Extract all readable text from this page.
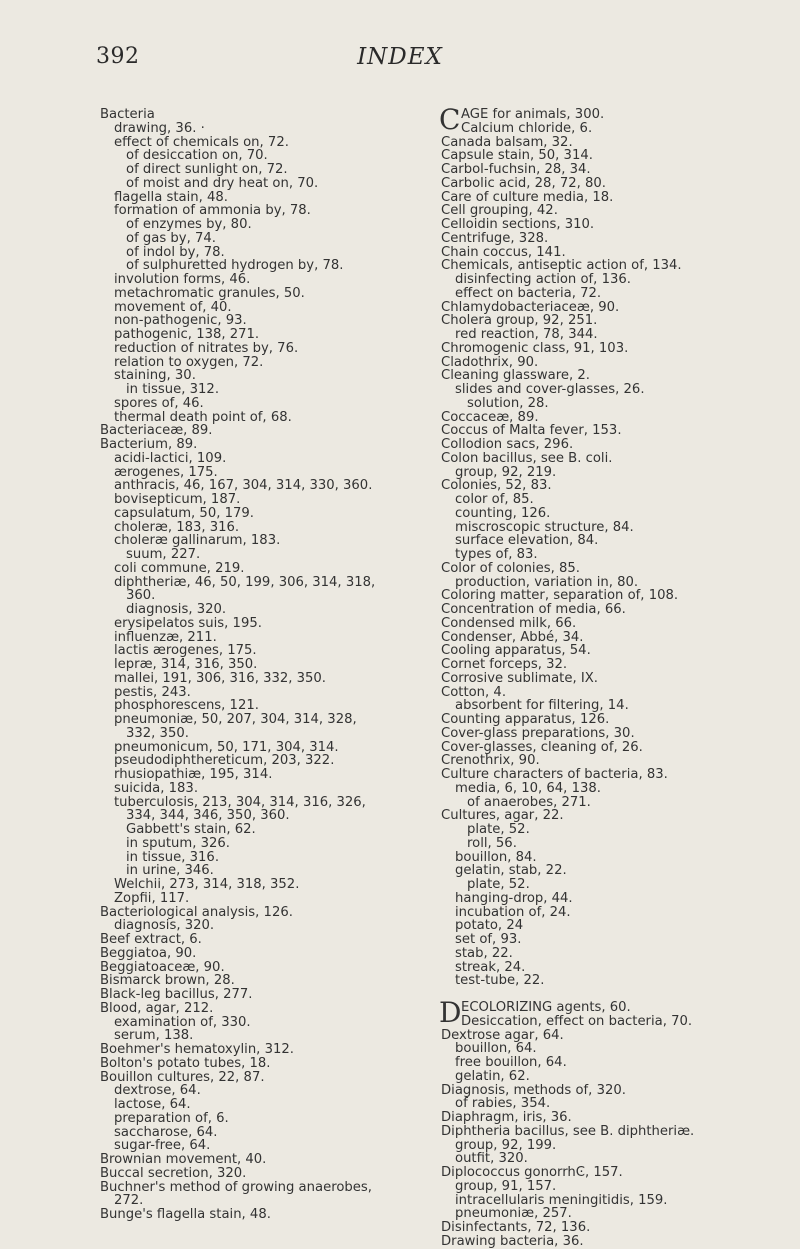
392	INDEX
Bacteria
drawing, 36. ·
effect of chemicals on, 72.
of desiccation on, 70.
of direct sunlight on, 72.
of moist and dry heat on, 70.
flagella stain, 48.
formation of ammonia by, 78.
of enzymes by, 80.
of gas by, 74.
of indol by, 78.
of sulphuretted hydrogen by, 78.
involution forms, 46.
metachromatic granules, 50.
movement of, 40.
non-pathogenic, 93.
pathogenic, 138, 271.
reduction of nitrates by, 76.
relation to oxygen, 72.
staining, 30.
in tissue, 312.
spores of, 46.
thermal death point of, 68.
Bacteriaceæ, 89.
Bacterium, 89.
acidi-lactici, 109.
ærogenes, 175.
anthracis, 46, 167, 304, 314, 330, 360.
bovisepticum, 187.
capsulatum, 50, 179.
choleræ, 183, 316.
choleræ gallinarum, 183.
suum, 227.
coli commune, 219.
diphtheriæ, 46, 50, 199, 306, 314, 318,
360.
diagnosis, 320.
erysipelatos suis, 195.
influenzæ, 211.
lactis ærogenes, 175.
lepræ, 314, 316, 350.
mallei, 191, 306, 316, 332, 350.
pestis, 243.
phosphorescens, 121.
pneumoniæ, 50, 207, 304, 314, 328,
332, 350.
pneumonicum, 50, 171, 304, 314.
pseudodiphthereticum, 203, 322.
rhusiopathiæ, 195, 314.
suicida, 183.
tuberculosis, 213, 304, 314, 316, 326,
334, 344, 346, 350, 360.
Gabbett's stain, 62.
in sputum, 326.
in tissue, 316.
in urine, 346.
Welchii, 273, 314, 318, 352.
Zopfii, 117.
Bacteriological analysis, 126.
diagnosis, 320.
Beef extract, 6.
Beggiatoa, 90.
Beggiatoaceæ, 90.
Bismarck brown, 28.
Black-leg bacillus, 277.
Blood, agar, 212.
examination of, 330.
serum, 138.
Boehmer's hematoxylin, 312.
Bolton's potato tubes, 18.
Bouillon cultures, 22, 87.
dextrose, 64.
lactose, 64.
preparation of, 6.
saccharose, 64.
sugar-free, 64.
Brownian movement, 40.
Buccal secretion, 320.
Buchner's method of growing anaerobes,
272.
Bunge's flagella stain, 48.
C AGE for animals, 300.
Calcium chloride, 6.
Canada balsam, 32.
Capsule stain, 50, 314.
Carbol-fuchsin, 28, 34.
Carbolic acid, 28, 72, 80.
Care of culture media, 18.
Cell grouping, 42.
Celloidin sections, 310.
Centrifuge, 328.
Chain coccus, 141.
Chemicals, antiseptic action of, 134.
disinfecting action of, 136.
effect on bacteria, 72.
Chlamydobacteriaceæ, 90.
Cholera group, 92, 251.
red reaction, 78, 344.
Chromogenic class, 91, 103.
Cladothrix, 90.
Cleaning glassware, 2.
slides and cover-glasses, 26.
solution, 28.
Coccaceæ, 89.
Coccus of Malta fever, 153.
Collodion sacs, 296.
Colon bacillus, see B. coli.
group, 92, 219.
Colonies, 52, 83.
color of, 85.
counting, 126.
miscroscopic structure, 84.
surface elevation, 84.
types of, 83.
Color of colonies, 85.
production, variation in, 80.
Coloring matter, separation of, 108.
Concentration of media, 66.
Condensed milk, 66.
Condenser, Abbé, 34.
Cooling apparatus, 54.
Cornet forceps, 32.
Corrosive sublimate, IX.
Cotton, 4.
absorbent for filtering, 14.
Counting apparatus, 126.
Cover-glass preparations, 30.
Cover-glasses, cleaning of, 26.
Crenothrix, 90.
Culture characters of bacteria, 83.
media, 6, 10, 64, 138.
of anaerobes, 271.
Cultures, agar, 22.
plate, 52.
roll, 56.
bouillon, 84.
gelatin, stab, 22.
plate, 52.
hanging-drop, 44.
incubation of, 24.
potato, 24
set of, 93.
stab, 22.
streak, 24.
test-tube, 22.
D ECOLORIZING agents, 60.
Desiccation, effect on bacteria, 70.
Dextrose agar, 64.
bouillon, 64.
free bouillon, 64.
gelatin, 62.
Diagnosis, methods of, 320.
of rabies, 354.
Diaphragm, iris, 36.
Diphtheria bacillus, see B. diphtheriæ.
group, 92, 199.
outfit, 320.
Diplococcus gonorrhϾ, 157.
group, 91, 157.
intracellularis meningitidis, 159.
pneumoniæ, 257.
Disinfectants, 72, 136.
Drawing bacteria, 36.
